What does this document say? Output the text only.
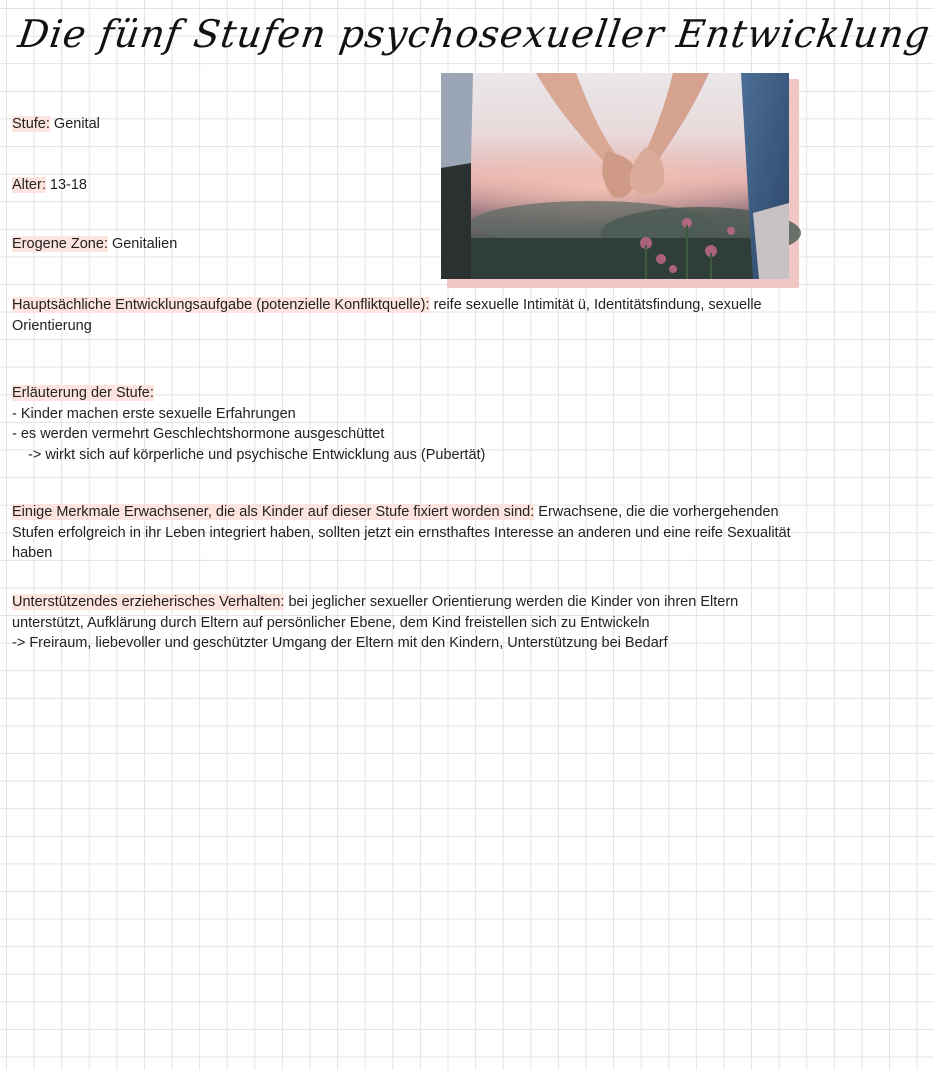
Die fünf Stufen psychosexueller Entwicklung
Stufe: Genital
Alter: 13-18
Erogene Zone: Genitalien
Hauptsächliche Entwicklungsaufgabe (potenzielle Konfliktquelle): reife sexuelle Intimität ü, Identitätsfindung, sexuelle Orientierung

Erläuterung der Stufe:

- Kinder machen erste sexuelle Erfahrungen

- es werden vermehrt Geschlechtshormone ausgeschüttet

-> wirkt sich auf körperliche und psychische Entwicklung aus (Pubertät)

Einige Merkmale Erwachsener, die als Kinder auf dieser Stufe fixiert worden sind: Erwachsene, die die vorhergehenden Stufen erfolgreich in ihr Leben integriert haben, sollten jetzt ein ernsthaftes Interesse an anderen und eine reife Sexualität haben

Unterstützendes erzieherisches Verhalten: bei jeglicher sexueller Orientierung werden die Kinder von ihren Eltern unterstützt, Aufklärung durch Eltern auf persönlicher Ebene, dem Kind freistellen sich zu Entwickeln

-> Freiraum, liebevoller und geschützter Umgang der Eltern mit den Kindern, Unterstützung bei Bedarf
